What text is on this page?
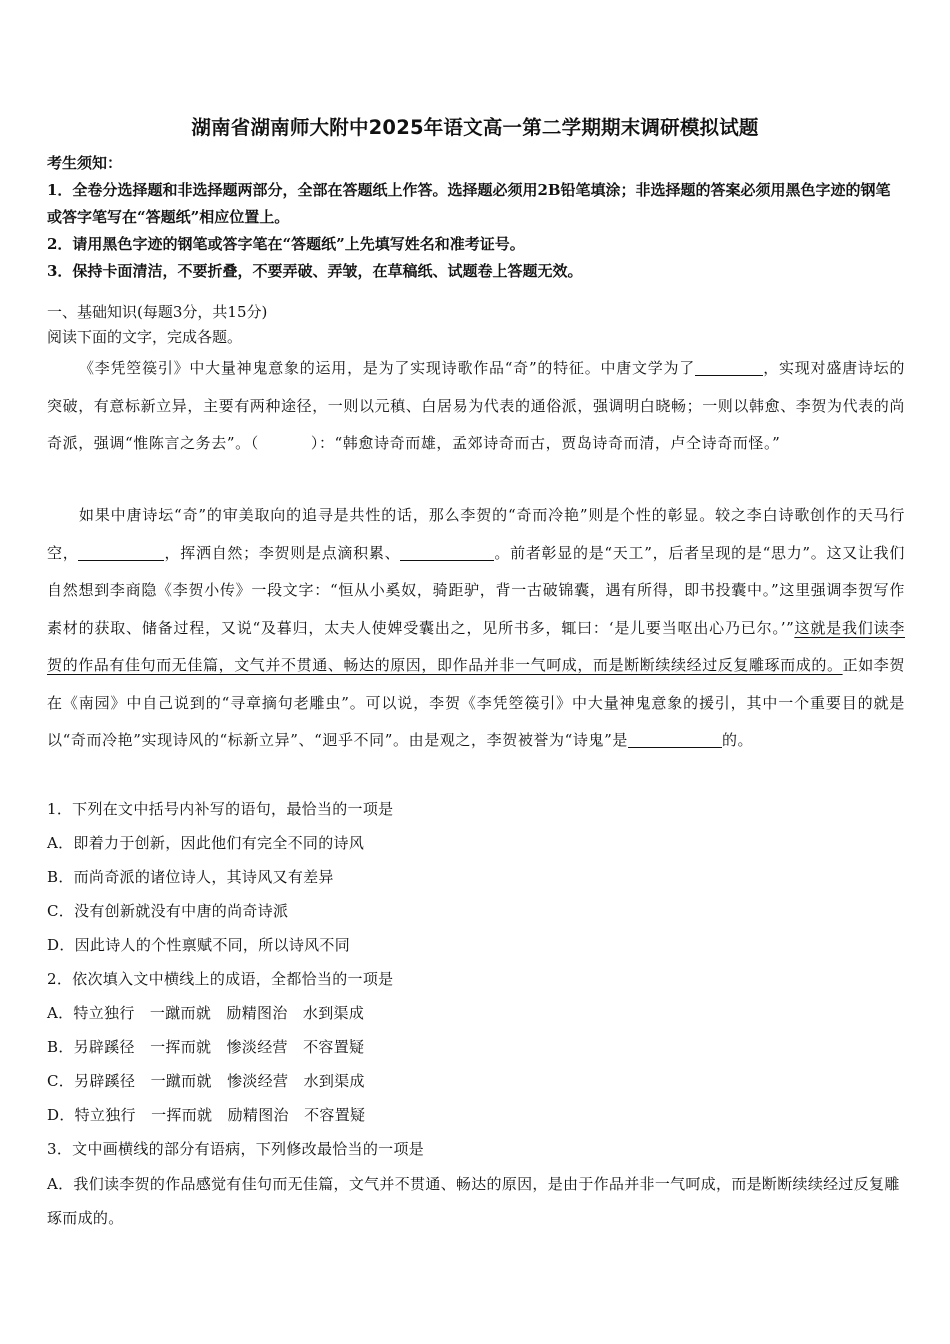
湖南省湖南师大附中2025年语文高一第二学期期末调研模拟试题

考生须知：

1．全卷分选择题和非选择题两部分，全部在答题纸上作答。选择题必须用2B铅笔填涂；非选择题的答案必须用黑色字迹的钢笔或答字笔写在“答题纸”相应位置上。

2．请用黑色字迹的钢笔或答字笔在“答题纸”上先填写姓名和准考证号。

3．保持卡面清洁，不要折叠，不要弄破、弄皱，在草稿纸、试题卷上答题无效。

一、基础知识(每题3分，共15分)
阅读下面的文字，完成各题。
《李凭箜篌引》中大量神鬼意象的运用，是为了实现诗歌作品“奇”的特征。中唐文学为了	，实现对盛唐诗坛的突破，有意标新立异，主要有两种途径，一则以元稹、白居易为代表的通俗派，强调明白晓畅；一则以韩愈、李贺为代表的尚奇派，强调“惟陈言之务去”。（	）：“韩愈诗奇而雄，孟郊诗奇而古，贾岛诗奇而清，卢仝诗奇而怪。”
如果中唐诗坛“奇”的审美取向的追寻是共性的话，那么李贺的“奇而冷艳”则是个性的彰显。较之李白诗歌创作的天马行空，	，挥洒自然；李贺则是点滴积累、	。前者彰显的是“天工”，后者呈现的是“思力”。这又让我们自然想到李商隐《李贺小传》一段文字：“恒从小奚奴，骑距驴，背一古破锦囊，遇有所得，即书投囊中。”这里强调李贺写作素材的获取、储备过程，又说“及暮归，太夫人使婢受囊出之，见所书多，辄曰：‘是儿要当呕出心乃已尔。’”这就是我们读李贺的作品有佳句而无佳篇，文气并不贯通、畅达的原因，即作品并非一气呵成，而是断断续续经过反复雕琢而成的。正如李贺在《南园》中自己说到的“寻章摘句老雕虫”。可以说，李贺《李凭箜篌引》中大量神鬼意象的援引，其中一个重要目的就是以“奇而冷艳”实现诗风的“标新立异”、“迥乎不同”。由是观之，李贺被誉为“诗鬼”是	的。

1．下列在文中括号内补写的语句，最恰当的一项是

A．即着力于创新，因此他们有完全不同的诗风

B．而尚奇派的诸位诗人，其诗风又有差异

C．没有创新就没有中唐的尚奇诗派

D．因此诗人的个性禀赋不同，所以诗风不同

2．依次填入文中横线上的成语，全都恰当的一项是

A．特立独行　一蹴而就　励精图治　水到渠成

B．另辟蹊径　一挥而就　惨淡经营　不容置疑

C．另辟蹊径　一蹴而就　惨淡经营　水到渠成

D．特立独行　一挥而就　励精图治　不容置疑

3．文中画横线的部分有语病，下列修改最恰当的一项是

A．我们读李贺的作品感觉有佳句而无佳篇，文气并不贯通、畅达的原因，是由于作品并非一气呵成，而是断断续续经过反复雕琢而成的。
